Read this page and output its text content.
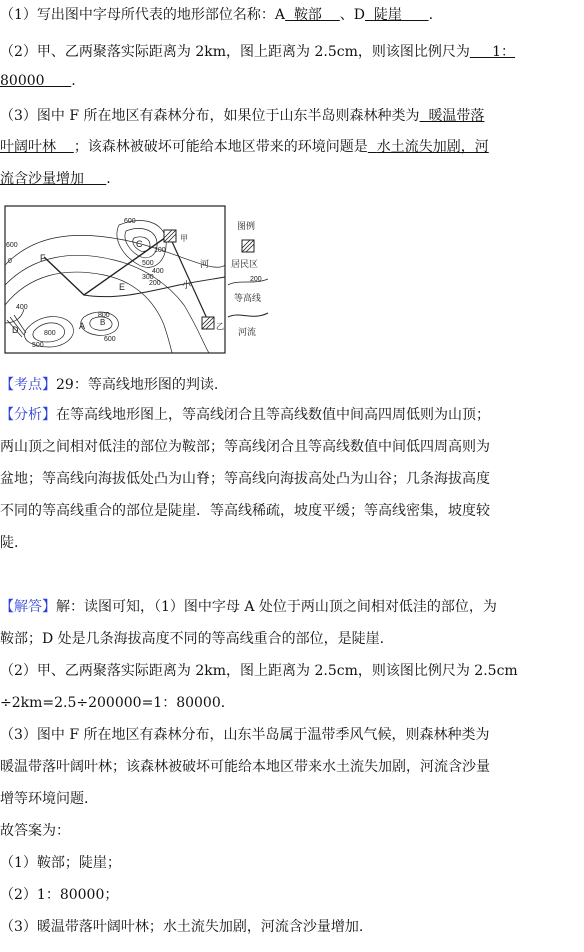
（1）写出图中字母所代表的地形部位名称：A 鞍部 、D 陡崖 .
（2）甲、乙两聚落实际距离为 2km，图上距离为 2.5cm，则该图比例尺为 1：
80000 .
（3）图中 F 所在地区有森林分布，如果位于山东半岛则森林种类为 暖温带落
叶阔叶林 ；该森林被破坏可能给本地区带来的环境问题是 水土流失加剧，河
流含沙量增加 .
F
C
E
A
D
B
甲
乙
河
小
600
500
400
300
200
100
600
600
800
800
500
400
0
图例
居民区
200
等高线
河流
【考点】29：等高线地形图的判读.
【分析】在等高线地形图上，等高线闭合且等高线数值中间高四周低则为山顶；
两山顶之间相对低洼的部位为鞍部；等高线闭合且等高线数值中间低四周高则为
盆地；等高线向海拔低处凸为山脊；等高线向海拔高处凸为山谷；几条海拔高度
不同的等高线重合的部位是陡崖．等高线稀疏，坡度平缓；等高线密集，坡度较
陡.
【解答】解：读图可知，（1）图中字母 A 处位于两山顶之间相对低洼的部位，为
鞍部；D 处是几条海拔高度不同的等高线重合的部位，是陡崖.
（2）甲、乙两聚落实际距离为 2km，图上距离为 2.5cm，则该图比例尺为 2.5cm
÷2km=2.5÷200000=1：80000.
（3）图中 F 所在地区有森林分布，山东半岛属于温带季风气候，则森林种类为
暖温带落叶阔叶林；该森林被破坏可能给本地区带来水土流失加剧，河流含沙量
增等环境问题.
故答案为：
（1）鞍部；陡崖；
（2）1：80000；
（3）暖温带落叶阔叶林；水土流失加剧，河流含沙量增加.
